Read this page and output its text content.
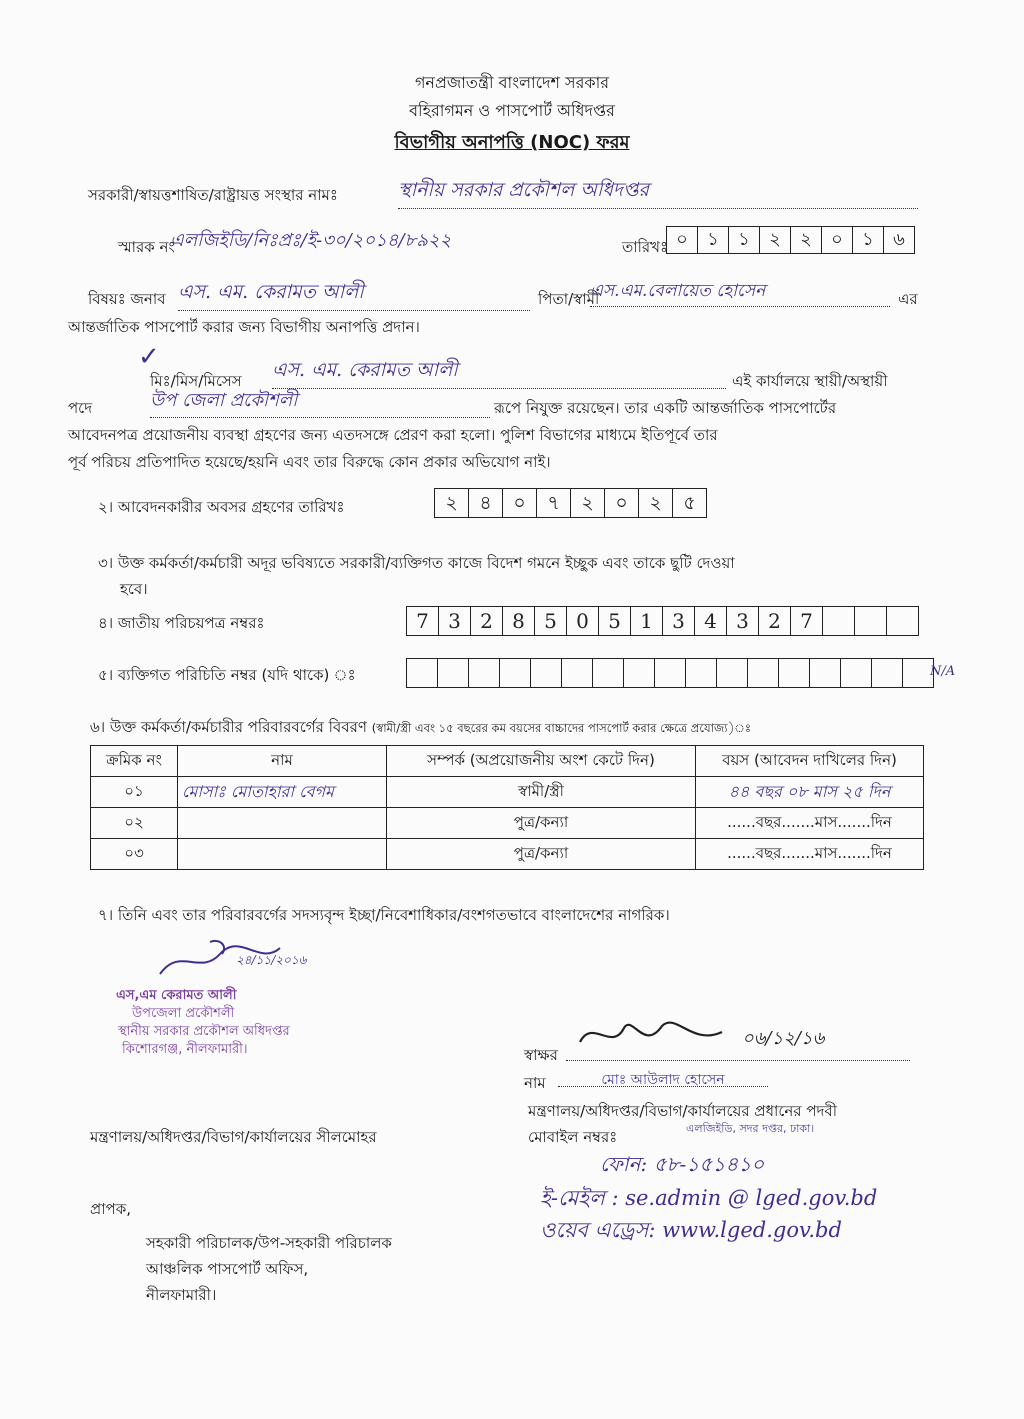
গনপ্রজাতন্ত্রী বাংলাদেশ সরকার
বহিরাগমন ও পাসপোর্ট অধিদপ্তর
বিভাগীয় অনাপত্তি (NOC) ফরম
সরকারী/স্বায়ত্তশাষিত/রাষ্ট্রায়ত্ত সংস্থার নামঃ	স্থানীয় সরকার প্রকৌশল অধিদপ্তর
স্মারক নং
এলজিইডি/নিঃপ্রঃ/ই-৩০/২০১৪/৮৯২২	তারিখঃ ০	১	১	২	২	০	১	৬
বিষয়ঃ জনাব এস. এম. কেরামত আলী	পিতা/স্বামী
এস.এম.বেলায়েত হোসেন	এর
আন্তর্জাতিক পাসপোর্ট করার জন্য বিভাগীয় অনাপত্তি প্রদান।
✓
মিঃ/মিস/মিসেস এস. এম. কেরামত আলী	এই কার্যালয়ে স্থায়ী/অস্থায়ী
পদে	উপ জেলা প্রকৌশলী	রূপে নিযুক্ত রয়েছেন। তার একটি আন্তর্জাতিক পাসপোর্টের
আবেদনপত্র প্রয়োজনীয় ব্যবস্থা গ্রহণের জন্য এতদসঙ্গে প্রেরণ করা হলো। পুলিশ বিভাগের মাধ্যমে ইতিপূর্বে তার
পূর্ব পরিচয় প্রতিপাদিত হয়েছে/হয়নি এবং তার বিরুদ্ধে কোন প্রকার অভিযোগ নাই।
২। আবেদনকারীর অবসর গ্রহণের তারিখঃ	২	৪	০	৭	২	০	২	৫
৩। উক্ত কর্মকর্তা/কর্মচারী অদূর ভবিষ্যতে সরকারী/ব্যক্তিগত কাজে বিদেশ গমনে ইচ্ছুক এবং তাকে ছুটি দেওয়া
হবে।
৪। জাতীয় পরিচয়পত্র নম্বরঃ	7 3 2 8 5 0 5 1 3 4 3 2 7
৫। ব্যক্তিগত পরিচিতি নম্বর (যদি থাকে) ঃ	N/A
৬। উক্ত কর্মকর্তা/কর্মচারীর পরিবারবর্গের বিবরণ (স্বামী/স্ত্রী এবং ১৫ বছরের কম বয়সের বাচ্চাদের পাসপোর্ট করার ক্ষেত্রে প্রযোজ্য)ঃ
ক্রমিক নং	নাম	সম্পর্ক (অপ্রয়োজনীয় অংশ কেটে দিন)	বয়স (আবেদন দাখিলের দিন)
০১	মোসাঃ মোতাহারা বেগম	স্বামী/স্ত্রী	৪৪ বছর ০৮ মাস ২৫ দিন
০২		পুত্র/কন্যা	......বছর.......মাস.......দিন
০৩		পুত্র/কন্যা	......বছর.......মাস.......দিন
৭। তিনি এবং তার পরিবারবর্গের সদস্যবৃন্দ ইচ্ছা/নিবেশাধিকার/বংশগতভাবে বাংলাদেশের নাগরিক।
২৪/১১/২০১৬
এস,এম কেরামত আলী
উপজেলা প্রকৌশলী
স্থানীয় সরকার প্রকৌশল অধিদপ্তর
কিশোরগঞ্জ, নীলফামারী।	স্বাক্ষর
০৬/১২/১৬
নাম	মোঃ আউলাদ হোসেন
মন্ত্রণালয়/অধিদপ্তর/বিভাগ/কার্যালয়ের প্রধানের পদবী
এলজিইডি, সদর দপ্তর, ঢাকা।
মোবাইল নম্বরঃ
মন্ত্রণালয়/অধিদপ্তর/বিভাগ/কার্যালয়ের সীলমোহর
ফোন: ৫৮-১৫১৪১০
ই-মেইল : se.admin @ lged.gov.bd
ওয়েব এড্রেস: www.lged.gov.bd
প্রাপক,
সহকারী পরিচালক/উপ-সহকারী পরিচালক
আঞ্চলিক পাসপোর্ট অফিস,
নীলফামারী।
